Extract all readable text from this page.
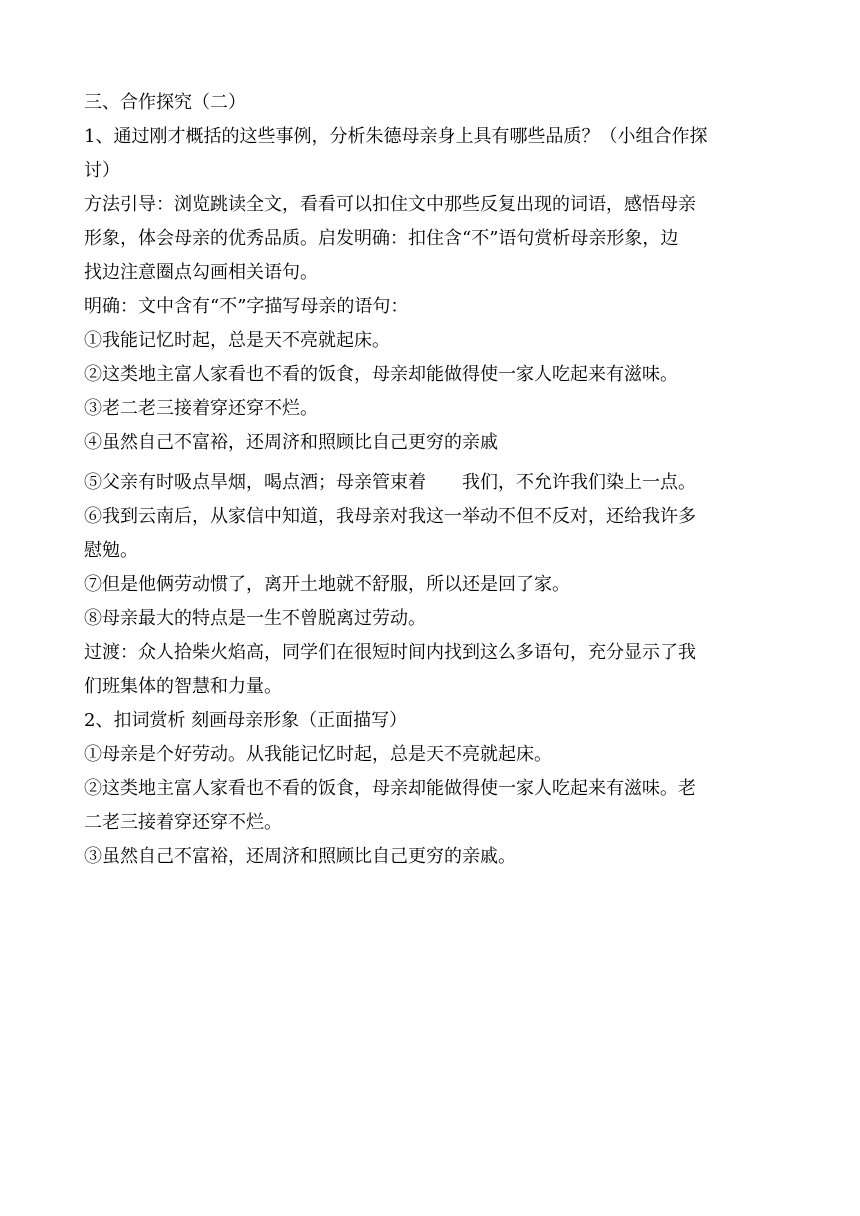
三、合作探究（二）
1、通过刚才概括的这些事例，分析朱德母亲身上具有哪些品质？（小组合作探
讨）
方法引导：浏览跳读全文，看看可以扣住文中那些反复出现的词语，感悟母亲
形象，体会母亲的优秀品质。启发明确：扣住含“不”语句赏析母亲形象，边
找边注意圈点勾画相关语句。
明确：文中含有“不”字描写母亲的语句：
①我能记忆时起，总是天不亮就起床。
②这类地主富人家看也不看的饭食，母亲却能做得使一家人吃起来有滋味。
③老二老三接着穿还穿不烂。
④虽然自己不富裕，还周济和照顾比自己更穷的亲戚
⑤父亲有时吸点旱烟，喝点酒；母亲管束着　　我们，不允许我们染上一点。
⑥我到云南后，从家信中知道，我母亲对我这一举动不但不反对，还给我许多
慰勉。
⑦但是他俩劳动惯了，离开土地就不舒服，所以还是回了家。
⑧母亲最大的特点是一生不曾脱离过劳动。
过渡：众人拾柴火焰高，同学们在很短时间内找到这么多语句，充分显示了我
们班集体的智慧和力量。
2、扣词赏析 刻画母亲形象（正面描写）
①母亲是个好劳动。从我能记忆时起，总是天不亮就起床。
②这类地主富人家看也不看的饭食，母亲却能做得使一家人吃起来有滋味。老
二老三接着穿还穿不烂。
③虽然自己不富裕，还周济和照顾比自己更穷的亲戚。
